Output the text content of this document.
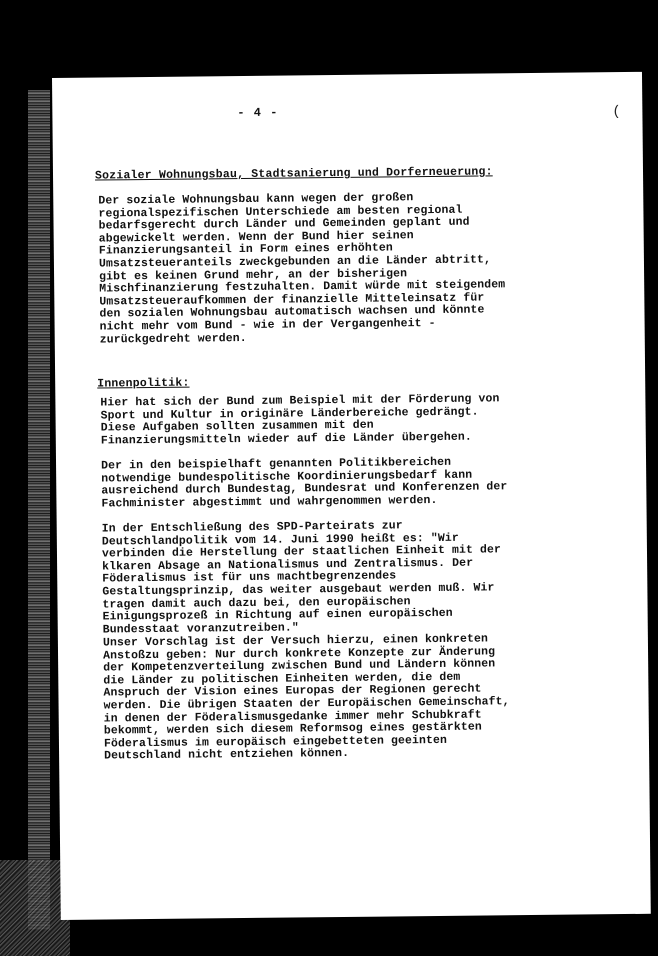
- 4 -	(
Sozialer Wohnungsbau, Stadtsanierung und Dorferneuerung:
Der soziale Wohnungsbau kann wegen der großen
regionalspezifischen Unterschiede am besten regional
bedarfsgerecht durch Länder und Gemeinden geplant und
abgewickelt werden. Wenn der Bund hier seinen
Finanzierungsanteil in Form eines erhöhten
Umsatzsteueranteils zweckgebunden an die Länder abtritt,
gibt es keinen Grund mehr, an der bisherigen
Mischfinanzierung festzuhalten. Damit würde mit steigendem
Umsatzsteueraufkommen der finanzielle Mitteleinsatz für
den sozialen Wohnungsbau automatisch wachsen und könnte
nicht mehr vom Bund - wie in der Vergangenheit -
zurückgedreht werden.
Innenpolitik:
Hier hat sich der Bund zum Beispiel mit der Förderung von
Sport und Kultur in originäre Länderbereiche gedrängt.
Diese Aufgaben sollten zusammen mit den
Finanzierungsmitteln wieder auf die Länder übergehen.
Der in den beispielhaft genannten Politikbereichen
notwendige bundespolitische Koordinierungsbedarf kann
ausreichend durch Bundestag, Bundesrat und Konferenzen der
Fachminister abgestimmt und wahrgenommen werden.
In der Entschließung des SPD-Parteirats zur
Deutschlandpolitik vom 14. Juni 1990 heißt es: "Wir
verbinden die Herstellung der staatlichen Einheit mit der
klkaren Absage an Nationalismus und Zentralismus. Der
Föderalismus ist für uns machtbegrenzendes
Gestaltungsprinzip, das weiter ausgebaut werden muß. Wir
tragen damit auch dazu bei, den europäischen
Einigungsprozeß in Richtung auf einen europäischen
Bundesstaat voranzutreiben."
Unser Vorschlag ist der Versuch hierzu, einen konkreten
Anstoßzu geben: Nur durch konkrete Konzepte zur Änderung
der Kompetenzverteilung zwischen Bund und Ländern können
die Länder zu politischen Einheiten werden, die dem
Anspruch der Vision eines Europas der Regionen gerecht
werden. Die übrigen Staaten der Europäischen Gemeinschaft,
in denen der Föderalismusgedanke immer mehr Schubkraft
bekommt, werden sich diesem Reformsog eines gestärkten
Föderalismus im europäisch eingebetteten geeinten
Deutschland nicht entziehen können.
